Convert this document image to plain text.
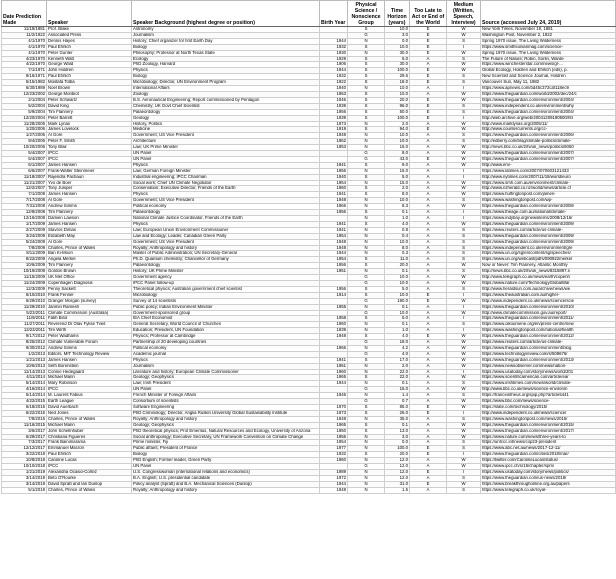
Date Prediction Made	Speaker	Speaker Background (highest degree or position)	Birth Year	Physical Science / Nonscience Group	Time Horizon (years)	Too Late to Act or End of the World	Medium (Written, Speech, Interview)	Source (accessed July 24, 2019)
11/19/1881	Prof. Blake	Astronomy		S	10.0	E	W	New York Times, November 19, 1881
11/2/1922	Associated Press	Journalism		G	3.0	E	W	Washington Post, November 2, 1922
4/1/1970	Dennis Hayes	History; Chief organizer for first Earth Day	1944	N	0.0	E	S	Spring 1970 issue, The Living Wilderness
4/1/1970	Paul Ehrlich	Biology	1932	S	10.0	E	I	https://www.smithsonianmag.com/science-
4/1/1970	Peter Gunter	Philosophy; Professor at North Texas State	1930	N	30.0	E	W	Spring 1970 issue, The Living Wilderness
4/23/1970	Kenneth Watt	Ecology	1929	S	5.0	A	S	The Future of Nature; Robin, Sorlin, Warde
4/22/1970	George Wald	PhD Zoology, Harvard	1906	S	30.0	A	W	https://www.winchesterstar.com/news/gl-...
7/1/1971	John Holdren	Physics	1944	S	100.0	E	W	Global Ecology, Holdren and Ehrlich (eds), p.
9/16/1971	Paul Ehrlich	Biology	1932	S	29.6	E	S	New Scientist and Science Journal, Holdren
5/15/1982	Mostafa Tolba	Microbiology; Director, UN Environment Program	1922	S	18.0	E	S	Vancouver Sun, May 11, 1982
6/30/1989	Noel Brown	International Affairs	1940	N	10.0	A	I	https://www.apnews.com/bd45c372caf118ec9
12/23/2002	George Monbiot	Zoology	1963	S	10.0	A	W	https://www.theguardian.com/world/2002/dec/24/c
2/1/2004	Peter Schwartz	B.S. Aeronautical Engineering; Report commissioned by Pentagon	1946	S	20.0	E	W	https://www.theguardian.com/environment/2004/
5/2/2004	David King	Chemistry; UK Govt Chief Scientist	1939	S	96.0	E	S	https://www.independent.co.uk/environment/why
5/9/2004	Tim Flannery	Palaeontology	1956	S	50.0	E	S	https://www.theguardian.com/environment/2004/
12/20/2004	Peter Barrett	Geology	1939	S	100.0	E	I	http://web.archive.org/web/20041209190500/htt
11/28/2005	Mark Lynas	History, Politics	1973	N	2.0	A	W	http://www.marklynas.org/2005/11/
1/20/2006	James Lovelock	Medicine	1919	S	94.0	E	W	http://www.countercurrents.org/cc-
1/27/2006	Al Gore	Government; US Vice President	1948	N	10.0	A	S	https://www.theguardian.com/environment/2006/
9/4/2006	Peter F. Smith	Architecture	1962	N	10.0	A	S	http://edberry.com/blog/climate-politics/climate-
10/20/2006	Tony Blair	Law; UK Prime Minister	1953	N	15.0	A	W	http://news.bbc.co.uk/2/hi/uk_news/politics/6060
5/4/2007	IPCC	UN Panel		G	8.0	A	W	https://www.theguardian.com/environment/2007/
5/4/2007	IPCC	UN Panel		G	43.0	E	W	https://www.theguardian.com/environment/2007/
6/1/2007	James Hansen	Physics	1941	S	9.0	A	W	http://www.env-
6/6/2007	Frank-Walter Steinmeier	Law; German Foreign Minister	1956	N	15.0	A	I	https://www.latimes.com/2007/070603121433
11/18/2007	Rajendra Pachauri	Industrial engineering; IPCC Chairman	1940	S	5.0	A	I	http://www.nytimes.com/2007/11/18/world/euro
11/21/2007	Yvo de Boer	Social work; Chief UN Climate Negotiator	1954	N	15.0	A	W	https://www.smh.com.au/environment/climate-
12/2/2007	Tony Juniper	Conservation; Executive Director, Friends of the Earth	1960	S	2.0	A	W	http://www.nzherald.co.nz/world/news/article.cf
7/1/2008	James Hansen	Physics	1941	S	8.0	A	W	https://www.huffingtonpost.com/james-
7/17/2008	Al Gore	Government; US Vice President	1948	N	10.0	A	S	https://www.washingtonpost.com/wp-
7/31/2008	Andrew Simms	Political economy	1966	N	8.3	A	W	https://www.theguardian.com/environment/2008/
12/9/2008	Tim Flannery	Palaeontology	1956	S	0.1	A	I	https://www.theage.com.au/national/climate-
12/16/2008	Damien Lawson	National Climate Justice Coordinator, Friends of the Earth		N	1.0	A	I	https://www.indybay.org/newsitems/2008/12/16/
1/17/2009	James Hansen	Physics	1941	S	4.0	A	W	https://www.theguardian.com/environment/2009/
2/27/2009	Stavros Dimas	Law; European Union Environment Commissioner	1941	N	0.8	A	S	https://www.reuters.com/article/us-climate-
3/24/2009	Elizabeth May	Law and Ecology; Leader, Canadian Green Party	1954	N	0.4	A	S	https://www.theguardian.com/environment/2009/
5/24/2009	Al Gore	Government; US Vice President	1948	N	10.0	A	S	https://www.theguardian.com/environment/2009/
7/8/2009	Charles, Prince of Wales	Royalty; Anthropology and history	1948	N	8.0	A	S	https://www.independent.co.uk/environment/gre
8/11/2009	Ban Ki-Moon	Master of Public Administration; UN Secretary-General	1944	N	0.3	A	S	https://www.un.org/sg/en/content/sg/speeches/
8/22/2009	Angela Merkel	Ph.D. Quantum chemistry; Chancellor of Germany	1954	S	11.0	A	S	https://www.un.org/webcast/pdfs/090922merkel
10/6/2009	Tim Flannery	Palaeontology	1956	S	20.0	A	W	Now or Never: Tim Flannery, Atlantic Monthly
10/19/2009	Gordon Brown	History; UK Prime Minister	1951	N	0.1	A	S	http://news.bbc.co.uk/2/hi/uk_news/8315897.s
11/15/2009	UK Met Office	Government agency		G	10.0	A	W	http://www.telegraph.co.uk/news/earth/copenh
11/24/2009	Copenhagen Diagnosis	IPCC Panel follow-up		G	10.0	A	W	https://www.nature.com/TechnologyGlobalWar
12/3/2009	Penny Sackett	Theoretical physics; Australian government chief scientist	1956	S	5.0	A	S	http://www.heraldsun.com.au/archive/news/we
6/10/2010	Frank Fenner	Microbiology	1914	S	10.0	E	I	https://www.theaustralian.com.au/higher-
6/29/2010	Granger Morgan (survey)	Survey of 14 scientists		G	190.0	E	W	http://www.independent.co.uk/news/science/scie
11/29/2010	Janmin Ramesh	Public policy; Indian Environment Minister	1955	N	0.1	A	I	https://www.theguardian.com/environment/2010/
5/23/2011	Climate Commission (Australia)	Government-sponsored group		G	10.0	A	W	http://www.climatecommission.gov.au/report/
11/9/2011	Fatih Birol	IEA Chief Economist	1958	S	5.0	A	I	https://www.theguardian.com/environment/2011/
11/27/2011	Reverend Dr Olav Fykse Tveit	General Secretary, World Council of Churches	1960	N	0.1	A	S	https://www.oikoumene.org/en/press-centre/new
12/23/2011	Tim Wirth	Education; President, UN Foundation	1939	N	1.0	A	I	https://www.washingtonpost.com/national/health
9/17/2012	Peter Wadhams	Physics; Professor at Cambridge	1948	S	4.0	E	W	https://www.theguardian.com/environment/2012/
8/25/2012	Climate Vulnerable Forum	Partnership of 20 developing countries		G	18.0	A	W	https://www.reuters.com/article/us-climate-
9/30/2012	Andrew Simms	Political economy	1966	N	4.2	A	W	https://www.theguardian.com/environment/blog
1/2/2013	Editors, MIT Technology Review	Academic journal		G	4.0	A	W	https://www.technologyreview.com/s/509676/
1/21/2013	James Hansen	Physics	1941	S	17.0	A	W	https://www.theguardian.com/environment/2013/
10/6/2013	Seth Borenstein	Journalism	1961	N	2.0	A	W	https://www.newsobserver.com/news/nation-
11/14/2013	Connie Hedegaard	Literature and history; European Climate Commissioner	1960	N	22.0	A	I	https://www.usatoday.com/story/news/world/201
4/11/2014	Michael Mann	Geology; Geophysics	1965	S	22.0	A	W	https://www.scientificamerican.com/article/ear
5/14/2014	Mary Robinson	Law; Irish President	1944	N	0.1	A	S	https://www.irishtimes.com/news/world/climate-
4/16/2014	IPCC	UN Panel		G	15.0	A	W	http://www.bbc.co.uk/news/science-environm
5/14/2014	M. Laurent Fabius	French Minister of Foreign Affairs	1946	N	1.4	A	S	https://franceintheus.org/spip.php?article5441
4/22/2015	Earth League	Consortium of scientists		G	0.7	A	W	https://www.bbc.com/news/science-
6/18/2015	David Auerbach	Software Engineering	1970	S	85.0	E	W	https://slate.com/technology/2015/
6/22/2015	Ned Jones	PhD Criminology; Director, Anglia Ruskin University Global Sustainability Institute	1973	S	26.0	E	I	http://www.independent.co.uk/news/science/
7/8/2015	Charles, Prince of Wales	Royalty; Anthropology and history	1948	N	35.0	A	S	https://www.washingtonpost.com/news/2015/
11/16/2015	Michael Mann	Geology; Geophysics	1965	S	0.1	A	W	https://www.theguardian.com/environment/2015/
3/6/2017	John Schellnhuber	PhD theoretical physics; Prof Emeritus, Natural Resources and Ecology, University of Arizona	1950	S	13.0	A	W	https://www.theguardian.com/environment/2017/
6/29/2017	Christiana Figueres	Social anthropology; Executive Secretary, UN Framework Convention on Climate Change	1956	N	3.0	A	W	https://www.nature.com/news/three-years-to
7/3/2017	Frank Bainimarama	Prime minister, Fiji	1954	N	0.0	A	S	https://unfccc.int/news/cop23-president
12/12/2017	Emmanuel Macron	Public affairs; President of France	1977	N	100.0	E	S	https://www.abc.net.au/news/2017-12-11/
3/22/2018	Paul Ehrlich	Biology	1932	S	20.0	E	I	https://www.theguardian.com/cities/2018/mar/
10/8/2018	Caroline Lucas	PhD English; Former leader, Green Party	1960	N	12.0	A	W	https://twitter.com/CarolineLucas/status/
10/10/2018	IPCC	UN Panel		G	12.0	A	W	https://www.ipcc.ch/sr15/chapter/spm/
1/21/2019	Alexandria Ocasio-Cortez	U.S. Congresswoman (international relations and economics)	1989	N	12.0	E	I	https://www.usatoday.com/story/news/politics/
3/14/2019	Beto O'Rourke	B.A. English; U.S. presidential candidate	1972	N	12.0	A	S	https://www.theguardian.com/us-news/2019/
3/14/2019	David Spratt and Ian Dunlop	Policy analyst (Spratt) and B.A. Mechanical Sciences (Dunlop)	1944	N	31.0	E	W	https://www.breakthroughonline.org.au/papers
5/1/2019	Charles, Prince of Wales	Royalty; Anthropology and history	1948	N	1.5	A	S	https://www.telegraph.co.uk/royal-
